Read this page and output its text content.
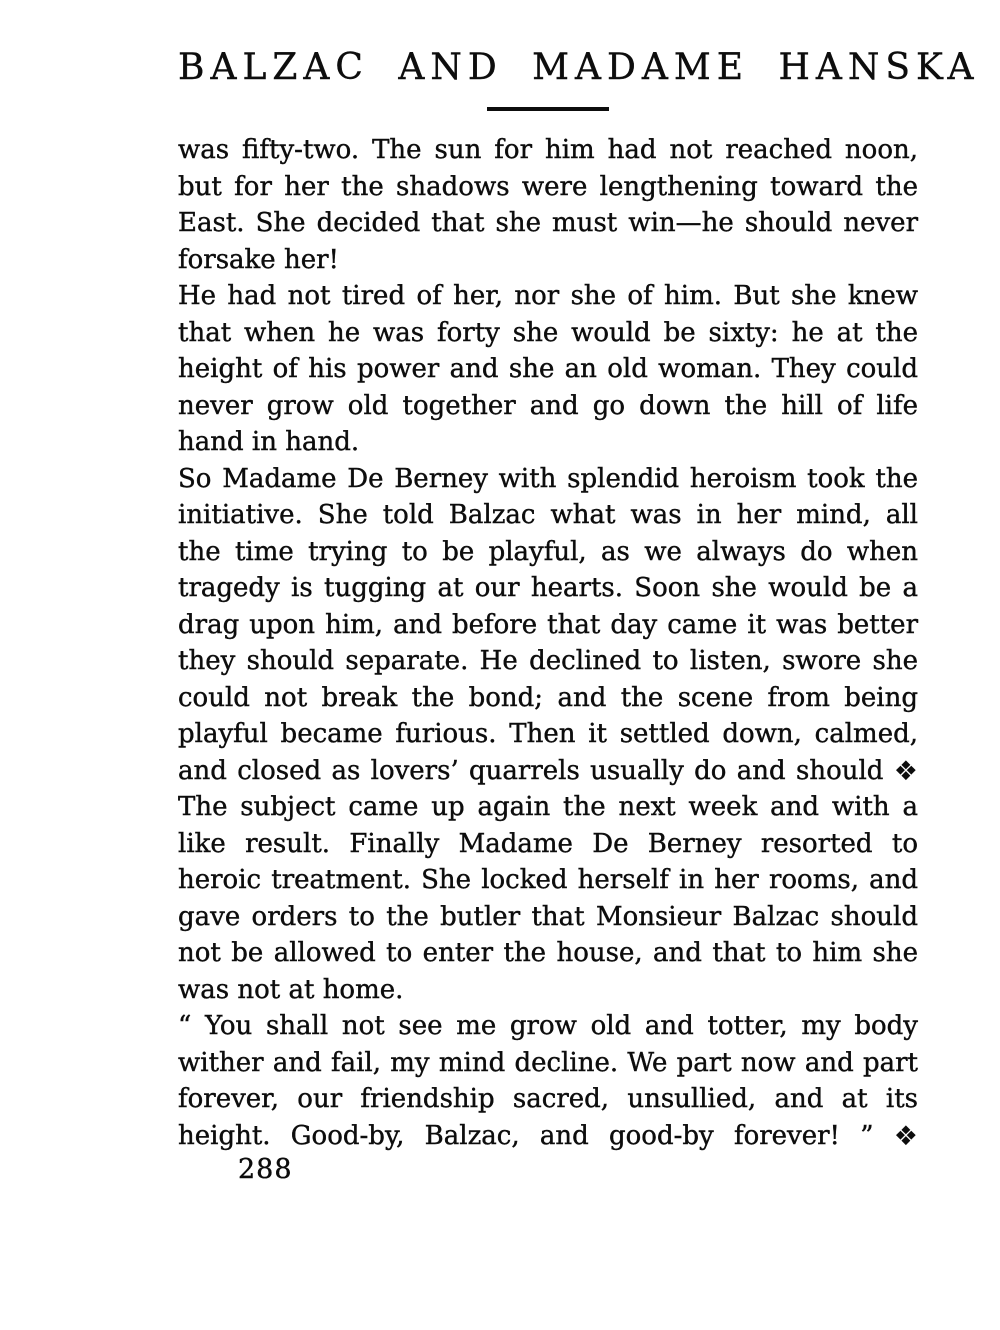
BALZAC AND MADAME HANSKA
was fifty-two. The sun for him had not reached noon,
but for her the shadows were lengthening toward the
East. She decided that she must win—he should never
forsake her!
He had not tired of her, nor she of him. But she knew
that when he was forty she would be sixty: he at the
height of his power and she an old woman. They could
never grow old together and go down the hill of life
hand in hand.
So Madame De Berney with splendid heroism took the
initiative. She told Balzac what was in her mind, all
the time trying to be playful, as we always do when
tragedy is tugging at our hearts. Soon she would be a
drag upon him, and before that day came it was better
they should separate. He declined to listen, swore she
could not break the bond; and the scene from being
playful became furious. Then it settled down, calmed,
and closed as lovers’ quarrels usually do and should ❖
The subject came up again the next week and with a
like result. Finally Madame De Berney resorted to
heroic treatment. She locked herself in her rooms, and
gave orders to the butler that Monsieur Balzac should
not be allowed to enter the house, and that to him she
was not at home.
“ You shall not see me grow old and totter, my body
wither and fail, my mind decline. We part now and part
forever, our friendship sacred, unsullied, and at its
height. Good-by, Balzac, and good-by forever! ” ❖
288
